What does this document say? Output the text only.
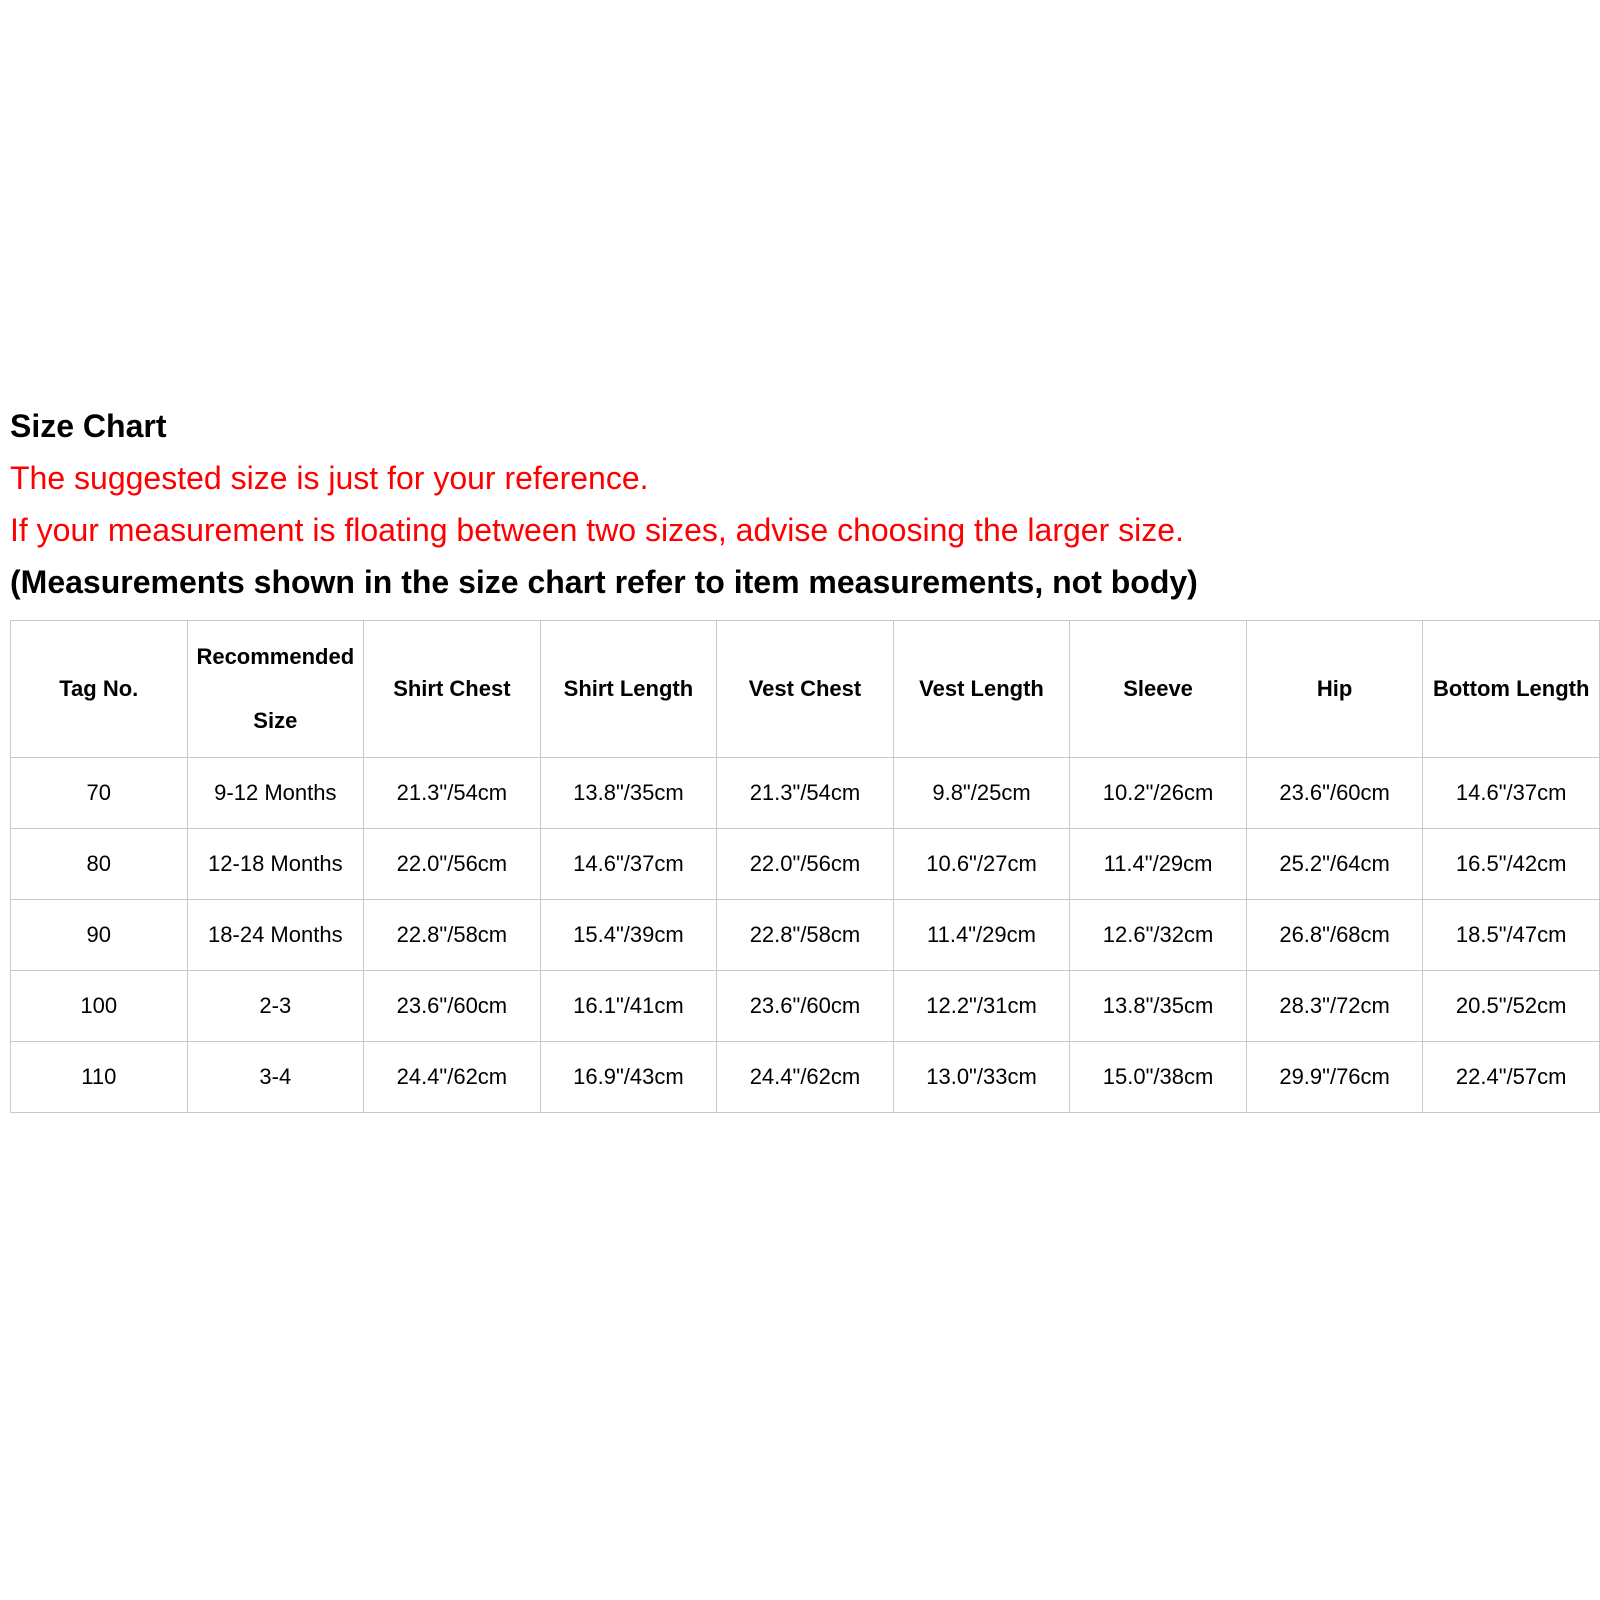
Size Chart

The suggested size is just for your reference.

If your measurement is floating between two sizes, advise choosing the larger size.

(Measurements shown in the size chart refer to item measurements, not body)

Tag No.	Recommended Size	Shirt Chest	Shirt Length	Vest Chest	Vest Length	Sleeve	Hip	Bottom Length
70	9-12 Months	21.3"/54cm	13.8"/35cm	21.3"/54cm	9.8"/25cm	10.2"/26cm	23.6"/60cm	14.6"/37cm
80	12-18 Months	22.0"/56cm	14.6"/37cm	22.0"/56cm	10.6"/27cm	11.4"/29cm	25.2"/64cm	16.5"/42cm
90	18-24 Months	22.8"/58cm	15.4"/39cm	22.8"/58cm	11.4"/29cm	12.6"/32cm	26.8"/68cm	18.5"/47cm
100	2-3	23.6"/60cm	16.1"/41cm	23.6"/60cm	12.2"/31cm	13.8"/35cm	28.3"/72cm	20.5"/52cm
110	3-4	24.4"/62cm	16.9"/43cm	24.4"/62cm	13.0"/33cm	15.0"/38cm	29.9"/76cm	22.4"/57cm
